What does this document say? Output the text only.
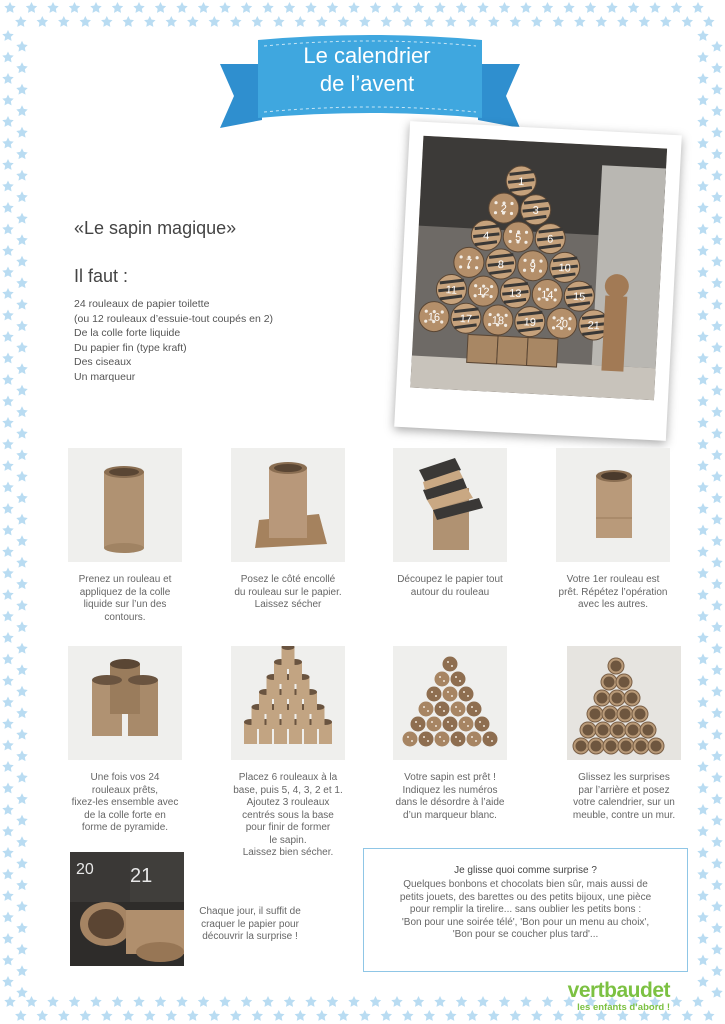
Le calendrier
de l’avent
«Le sapin magique»
Il faut :
24 rouleaux de papier toilette
(ou 12 rouleaux d’essuie-tout coupés en 2)
De la colle forte liquide
Du papier fin (type kraft)
Des ciseaux
Un marqueur
1
2 3
4 5 6
7 8 9 10
11 12 13 14 15
16 17 18 19 20 21
Prenez un rouleau et
appliquez de la colle
liquide sur l’un des
contours.
Posez le côté encollé
du rouleau sur le papier.
Laissez sécher
Découpez le papier tout
autour du rouleau
Votre 1er rouleau est
prêt. Répétez l’opération
avec les autres.
Une fois vos 24
rouleaux prêts,
fixez-les ensemble avec
de la colle forte en
forme de pyramide.
Placez 6 rouleaux à la
base, puis 5, 4, 3, 2 et 1.
Ajoutez 3 rouleaux
centrés sous la base
pour finir de former
le sapin.
Laissez bien sécher.
Votre sapin est prêt !
Indiquez les numéros
dans le désordre à l’aide
d’un marqueur blanc.
Glissez les surprises
par l’arrière et posez
votre calendrier, sur un
meuble, contre un mur.
20 21
Chaque jour, il suffit de
craquer le papier pour
découvrir la surprise !
Je glisse quoi comme surprise ?
Quelques bonbons et chocolats bien sûr, mais aussi de
petits jouets, des barettes ou des petits bijoux, une pièce
pour remplir la tirelire... sans oublier les petits bons :
'Bon pour une soirée télé', 'Bon pour un menu au choix',
'Bon pour se coucher plus tard'...
vertbaudet
les enfants d’abord !
